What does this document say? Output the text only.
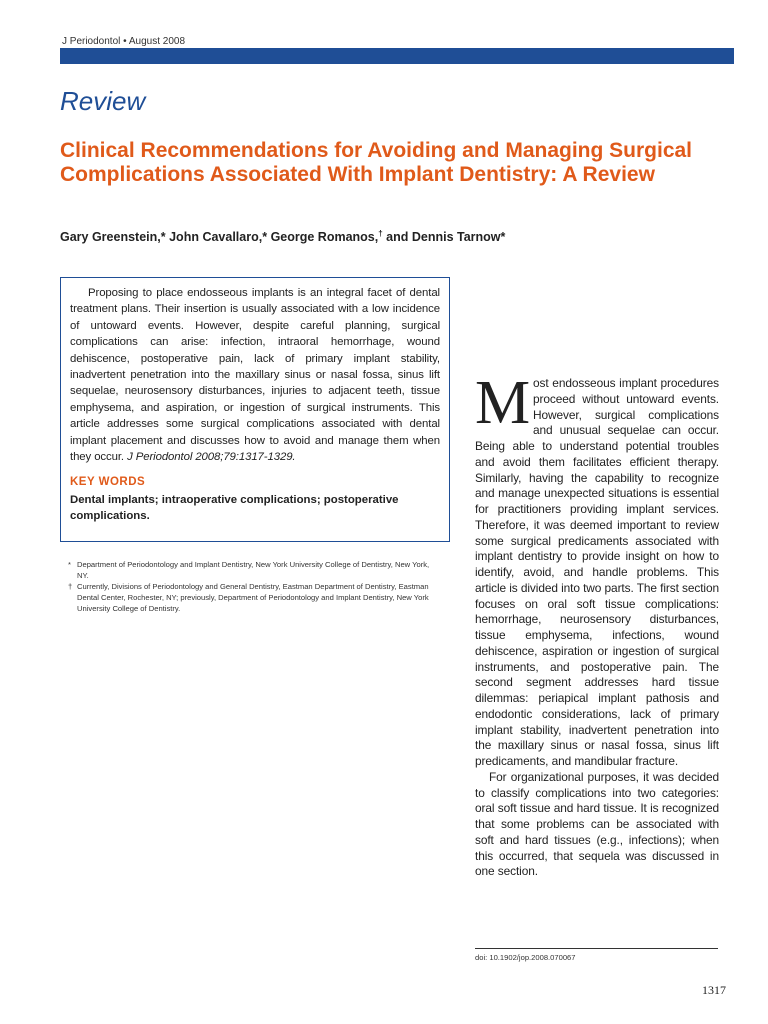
J Periodontol • August 2008
Review
Clinical Recommendations for Avoiding and Managing Surgical Complications Associated With Implant Dentistry: A Review
Gary Greenstein,* John Cavallaro,* George Romanos,† and Dennis Tarnow*

Proposing to place endosseous implants is an integral facet of dental treatment plans. Their insertion is usually associated with a low incidence of untoward events. However, despite careful planning, surgical complications can arise: infection, intraoral hemorrhage, wound dehiscence, postoperative pain, lack of primary implant stability, inadvertent penetration into the maxillary sinus or nasal fossa, sinus lift sequelae, neurosensory disturbances, injuries to adjacent teeth, tissue emphysema, and aspiration, or ingestion of surgical instruments. This article addresses some surgical complications associated with dental implant placement and discusses how to avoid and manage them when they occur. J Periodontol 2008;79:1317-1329.

KEY WORDS
Dental implants; intraoperative complications; postoperative complications.
* Department of Periodontology and Implant Dentistry, New York University College of Dentistry, New York, NY.
† Currently, Divisions of Periodontology and General Dentistry, Eastman Department of Dentistry, Eastman Dental Center, Rochester, NY; previously, Department of Periodontology and Implant Dentistry, New York University College of Dentistry.

Most endosseous implant procedures proceed without untoward events. However, surgical complications and unusual sequelae can occur. Being able to understand potential troubles and avoid them facilitates efficient therapy. Similarly, having the capability to recognize and manage unexpected situations is essential for practitioners providing implant services. Therefore, it was deemed important to review some surgical predicaments associated with implant dentistry to provide insight on how to identify, avoid, and handle problems. This article is divided into two parts. The first section focuses on oral soft tissue complications: hemorrhage, neurosensory disturbances, tissue emphysema, infections, wound dehiscence, aspiration or ingestion of surgical instruments, and postoperative pain. The second segment addresses hard tissue dilemmas: periapical implant pathosis and endodontic considerations, lack of primary implant stability, inadvertent penetration into the maxillary sinus or nasal fossa, sinus lift predicaments, and mandibular fracture.

For organizational purposes, it was decided to classify complications into two categories: oral soft tissue and hard tissue. It is recognized that some problems can be associated with soft and hard tissues (e.g., infections); when this occurred, that sequela was discussed in one section.

doi: 10.1902/jop.2008.070067
1317
